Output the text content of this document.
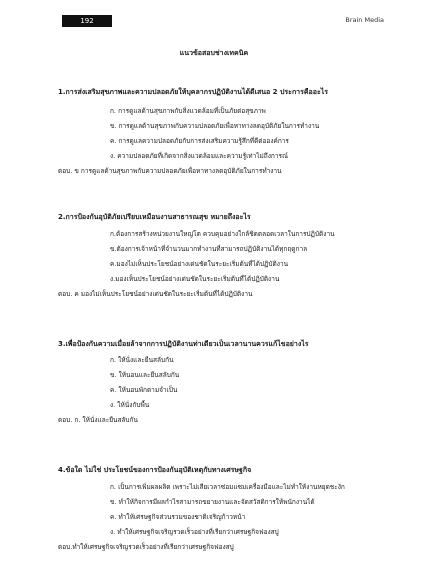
192	Brain Media
แนวข้อสอบช่างเทคนิค
1.การส่งเสริมสุขภาพและความปลอดภัยให้บุคลากรปฏิบัติงานได้ดีเสนอ 2 ประการคืออะไร
ก. การดูแลด้านสุขภาพกับสิ่งแวดล้อมที่เป็นภัยต่อสุขภาพ
ข. การดูแลด้านสุขภาพกับความปลอดภัยเพื่อหาทางลดอุบัติภัยในการทำงาน
ค. การดูแลความปลอดภัยกับการส่งเสริมความรู้สึกที่ดีต่อองค์การ
ง. ความปลอดภัยที่เกิดจากสิ่งแวดล้อมและความรู้เท่าไม่ถึงการณ์
ตอบ. ข การดูแลด้านสุขภาพกับความปลอดภัยเพื่อหาทางลดอุบัติภัยในการทำงาน
2.การป้องกันอุบัติภัยเปรียบเหมือนงานสาธารณสุข หมายถึงอะไร
ก.ต้องการสร้างหน่วยงานใหญ่โต ควบคุมอย่างใกล้ชิดตลอดเวลาในการปฏิบัติงาน
ข.ต้องการเจ้าหน้าที่จำนวนมากทำงานที่สามารถปฏิบัติงานได้ทุกฤดูกาล
ค.มองไม่เห็นประโยชน์อย่างเด่นชัดในระยะเริ่มต้นที่ได้ปฏิบัติงาน
ง.มองเห็นประโยชน์อย่างเด่นชัดในระยะเริ่มต้นที่ได้ปฏิบัติงาน
ตอบ. ค มองไม่เห็นประโยชน์อย่างเด่นชัดในระยะเริ่มต้นที่ได้ปฏิบัติงาน
3.เพื่อป้องกันความเมื่อยล้าจากการปฏิบัติงานท่าเดียวเป็นเวลานานควรแก้ไขอย่างไร
ก. ให้นั่งและยืนสลับกัน
ข. ให้นอนและยืนสลับกัน
ค. ให้นอนพักตามจำเป็น
ง. ให้นั่งกับพื้น
ตอบ. ก. ให้นั่งและยืนสลับกัน
4.ข้อใด ไม่ใช่ ประโยชน์ของการป้องกันอุบัติเหตุกับทางเศรษฐกิจ
ก. เป็นการเพิ่มผลผลิต เพราะไม่เสียเวลาซ่อมแซมเครื่องมือและไม่ทำให้งานหยุดชะงัก
ข. ทำให้กิจการมีผลกำไรสามารถขยายงานและจัดสวัสดิการให้พนักงานได้
ค. ทำให้เศรษฐกิจส่วนรวมของชาติเจริญก้าวหน้า
ง. ทำให้เศรษฐกิจเจริญรวดเร็วอย่างที่เรียกว่าเศรษฐกิจฟองสบู่
ตอบ.ทำให้เศรษฐกิจเจริญรวดเร็วอย่างที่เรียกว่าเศรษฐกิจฟองสบู่
